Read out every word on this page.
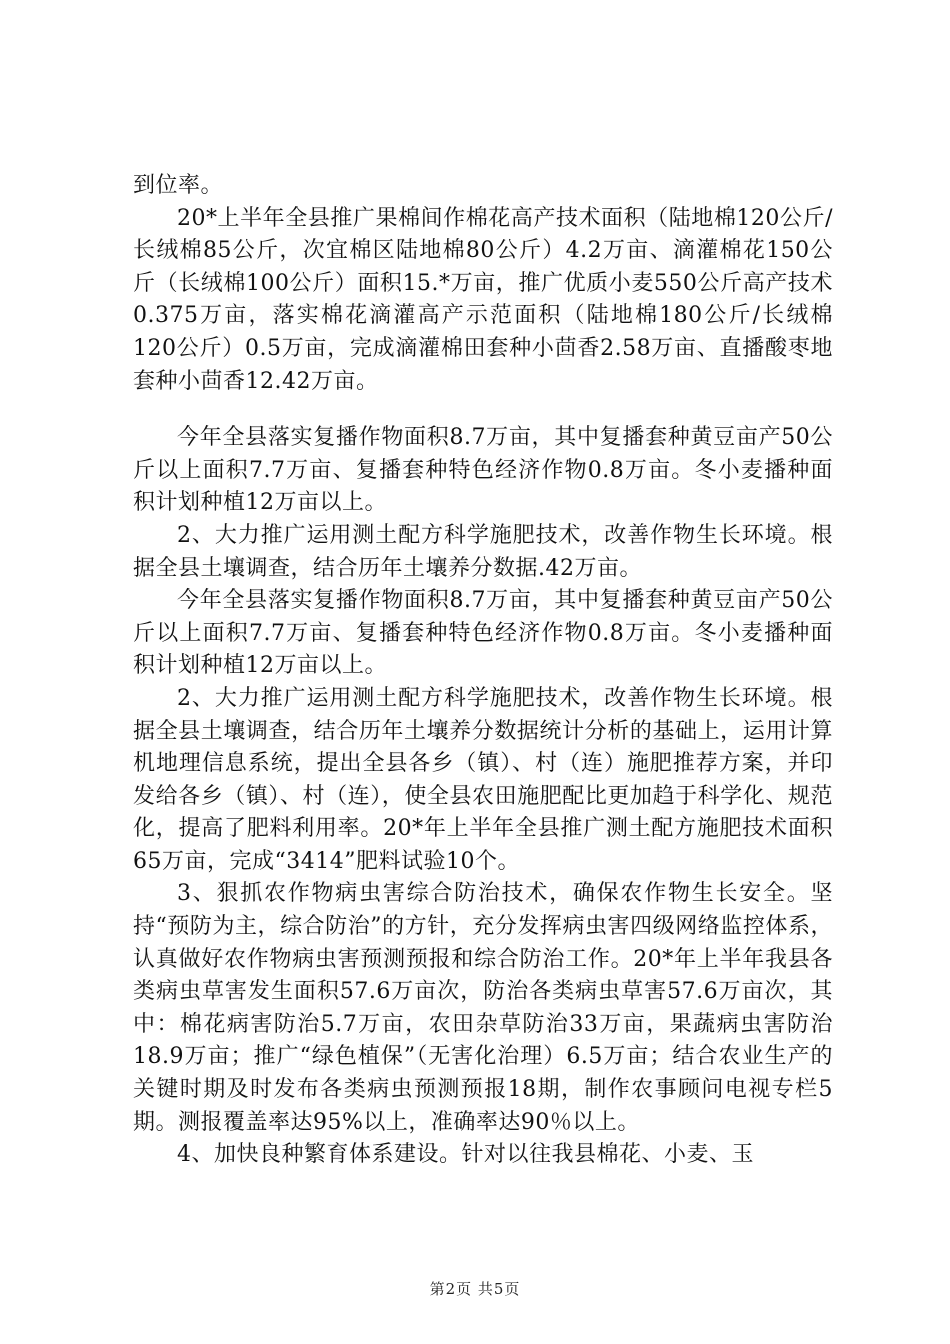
到位率。

20*上半年全县推广果棉间作棉花高产技术面积（陆地棉120公斤/长绒棉85公斤，次宜棉区陆地棉80公斤）4.2万亩、滴灌棉花150公斤（长绒棉100公斤）面积15.*万亩，推广优质小麦550公斤高产技术0.375万亩，落实棉花滴灌高产示范面积（陆地棉180公斤/长绒棉120公斤）0.5万亩，完成滴灌棉田套种小茴香2.58万亩、直播酸枣地套种小茴香12.42万亩。

今年全县落实复播作物面积8.7万亩，其中复播套种黄豆亩产50公斤以上面积7.7万亩、复播套种特色经济作物0.8万亩。冬小麦播种面积计划种植12万亩以上。

2、大力推广运用测土配方科学施肥技术，改善作物生长环境。根据全县土壤调查，结合历年土壤养分数据.42万亩。

今年全县落实复播作物面积8.7万亩，其中复播套种黄豆亩产50公斤以上面积7.7万亩、复播套种特色经济作物0.8万亩。冬小麦播种面积计划种植12万亩以上。

2、大力推广运用测土配方科学施肥技术，改善作物生长环境。根据全县土壤调查，结合历年土壤养分数据统计分析的基础上，运用计算机地理信息系统，提出全县各乡（镇）、村（连）施肥推荐方案，并印发给各乡（镇）、村（连），使全县农田施肥配比更加趋于科学化、规范化，提高了肥料利用率。20*年上半年全县推广测土配方施肥技术面积65万亩，完成“3414”肥料试验10个。

3、狠抓农作物病虫害综合防治技术，确保农作物生长安全。坚持“预防为主，综合防治”的方针，充分发挥病虫害四级网络监控体系，认真做好农作物病虫害预测预报和综合防治工作。20*年上半年我县各类病虫草害发生面积57.6万亩次，防治各类病虫草害57.6万亩次，其中：棉花病害防治5.7万亩，农田杂草防治33万亩，果蔬病虫害防治18.9万亩；推广“绿色植保”（无害化治理）6.5万亩；结合农业生产的关键时期及时发布各类病虫预测预报18期，制作农事顾问电视专栏5期。测报覆盖率达95%以上，准确率达90％以上。

4、加快良种繁育体系建设。针对以往我县棉花、小麦、玉

第2页 共5页
